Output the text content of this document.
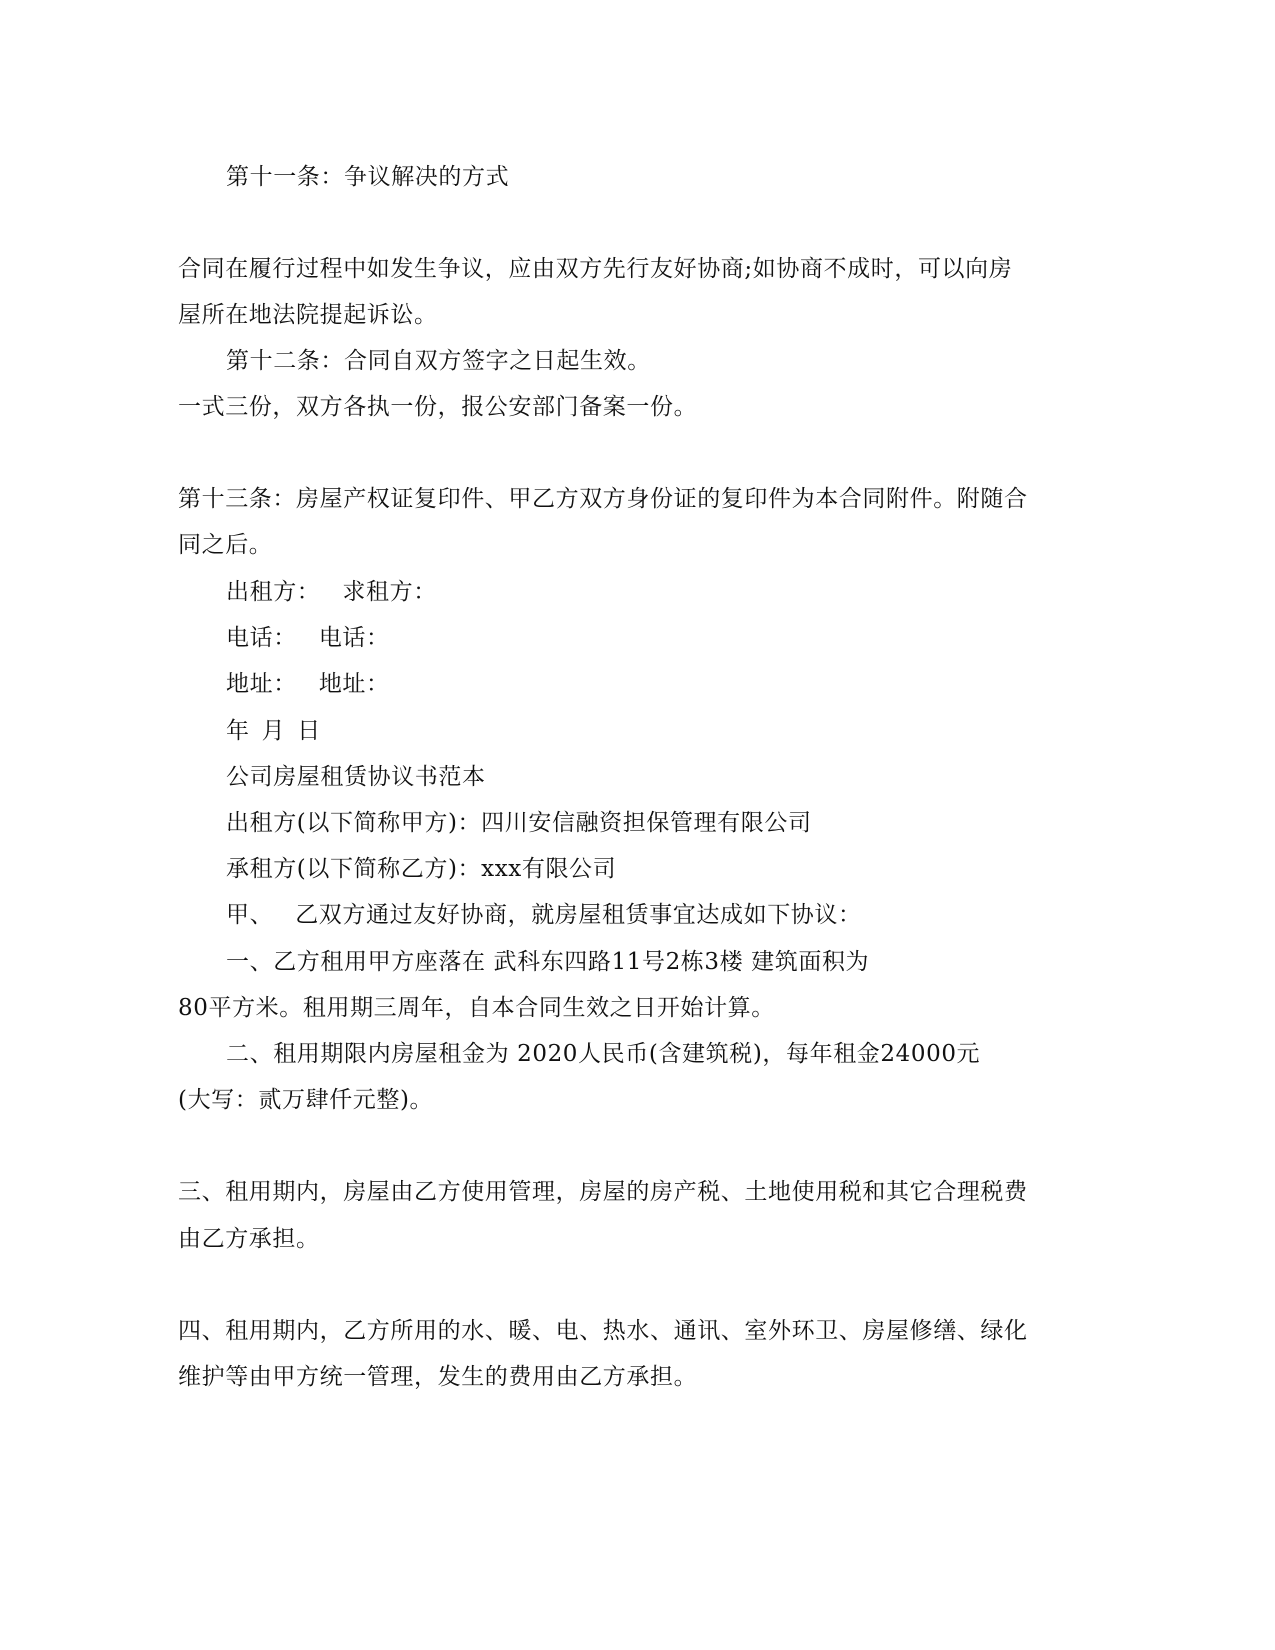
第十一条：争议解决的方式
合同在履行过程中如发生争议，应由双方先行友好协商;如协商不成时，可以向房
屋所在地法院提起诉讼。
第十二条：合同自双方签字之日起生效。
一式三份，双方各执一份，报公安部门备案一份。
第十三条：房屋产权证复印件、甲乙方双方身份证的复印件为本合同附件。附随合
同之后。
出租方： 求租方：
电话： 电话：
地址： 地址：
年 月 日
公司房屋租赁协议书范本
出租方(以下简称甲方)：四川安信融资担保管理有限公司
承租方(以下简称乙方)：xxx有限公司
甲、 乙双方通过友好协商，就房屋租赁事宜达成如下协议：
一、乙方租用甲方座落在 武科东四路11号2栋3楼 建筑面积为
80平方米。租用期三周年，自本合同生效之日开始计算。
二、租用期限内房屋租金为 2020人民币(含建筑税)，每年租金24000元
(大写：贰万肆仟元整)。
三、租用期内，房屋由乙方使用管理，房屋的房产税、土地使用税和其它合理税费
由乙方承担。
四、租用期内，乙方所用的水、暖、电、热水、通讯、室外环卫、房屋修缮、绿化
维护等由甲方统一管理，发生的费用由乙方承担。
